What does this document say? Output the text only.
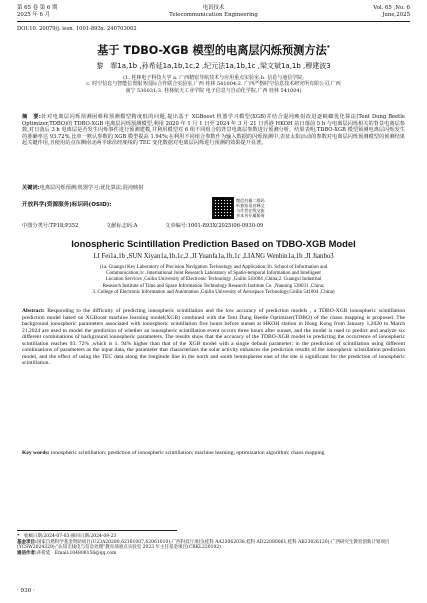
第 65 卷 第 6 期
2025 年 6 月
电讯技术
Telecommunication Engineering
Vol. 65 ,No. 6
June,2025
DOI:10. 20079/j. issn. 1001-893x. 240703002
基于 TDBO-XGB 模型的电离层闪烁预测方法*
黎　霏1a,1b ,孙希延1a,1b,1c,2 ,纪元法1a,1b,1c ,梁文斌1a,1b ,穆建波3
(1. 桂林电子科技大学 a. 广西精密导航技术与应用重点实验室;b. 信息与通信学院;
c. 时空信息与智能位置服务国际合作联合实验室,广西 桂林 541004;2. 广西严格时空信息技术研究所有限公司,广西
南宁 530031;3. 桂林航天工业学院 电子信息与自动化学院,广西 桂林 541004)
摘　要:针对电离层闪烁预测困难和预测模型精度低的问题,提出基于 XGBoost 机器学习模型(XGB)并结合混沌映射改进逐蜣螂优化算法(Tent Dung Beetle Optimizer,TDBO)的 TDBO-XGB 电离层闪烁预测模型,利用 2020 年 1 月 1 日至 2024 年 3 月 21 日香港 HKOH 站日落前 5 h 与电离层闪烁相关的背景电离层参数,对日落后 3 h 电离层是否发生闪烁事件进行预测建模,并利用模型对 6 组不同组合的背景电离层参数进行预测分析。结果表明,TDBO-XGB 模型预测电离层闪烁发生的准确率达 93.72%,比单一默认参数的 XGB 模型提高 1.94%;在利用不同组合参数作为输入数据的闪烁预测中,表征太阳活动的参数对电离层闪烁预测模型的预测结果起关键作用,且使用站点东侧南北两半球沿经度线的 TEC 变化数据对电离层闪烁进行预测的效果提升显著。
关键词:电离层闪烁预测;机器学习;优化算法;混沌映射
开放科学(资源服务)标识码(OSID):
微信扫描二维码
听独家语音释文
与作者在线交流
享本刊专属服务
中图分类号:TP18;P352	文献标志码:A	文章编号:1001-893X(2025)06-0930-09
Ionospheric Scintillation Prediction Based on TDBO-XGB Model
LI Fei1a,1b ,SUN Xiyan1a,1b,1c,2 ,JI Yuanfa1a,1b,1c ,LIANG Wenbin1a,1b ,JI Jianbo3
(1a. Guangxi Key Laboratory of Precision Navigation Technology and Application;1b. School of Information and
Communication;1c. International Joint Research Laboratory of Spatio-temporal Information and Intelligent
Location Services ,Guilin University of Electronic Technology ,Guilin 541004 ,China;2. Guangxi Industrial
Research Institute of Time and Space Information Technology Research Institute Co. ,Nanning 530031 ,China;
3. College of Electronic Information and Automation ,Guilin University of Aerospace Technology,Guilin 541004 ,China)
Abstract: Responding to the difficulty of predicting ionospheric scintillation and the low accuracy of prediction models , a TDBO-XGB ionospheric scintillation prediction model based on XGBoost machine learning model(XGB) combined with the Tent Dung Beetle Optimizer(TDBO) of the chaos mapping is proposed. The background ionospheric parameters associated with ionospheric scintillation five hours before sunset at HKOH station in Hong Kong from January 1,2020 to March 21,2024 are used to model the prediction of whether an ionospheric scintillation event occurs three hours after sunset, and the model is used to predict and analyze six different combinations of background ionospheric parameters. The results show that the accuracy of the TDBO-XGB model in predicting the occurrence of ionospheric scintillation reaches 93. 72% ,which is 1. 94% higher than that of the XGB model with a single default parameter; in the prediction of scintillation using different combinations of parameters as the input data, the parameter that characterizes the solar activity enhances the prediction results of the ionospheric scintillation prediction model, and the effect of using the TEC data along the longitude line in the north and south hemispheres east of the site is significant for the prediction of ionospheric scintillation.
Key words: ionospheric scintillation; prediction of ionospheric scintillation; machine learning; optimization algorithm; chaos mapping
*　收稿日期:2024-07-03;修回日期:2024-09-23
基金项目:国家自然科学基金资助项目(U23A20280,62161007,62061010);广西科技厅项目(桂科 AA23062038,桂科 AD22080061,桂科 AB23026120);广西研究生教育创新计划项目(YCSW2024329);"认知无线电与信息处理"教育部重点实验室 2023 年主任基金项目(CRKL220102)
通信作者:孙希延　Email:104806156@qq.com
· 930 ·
